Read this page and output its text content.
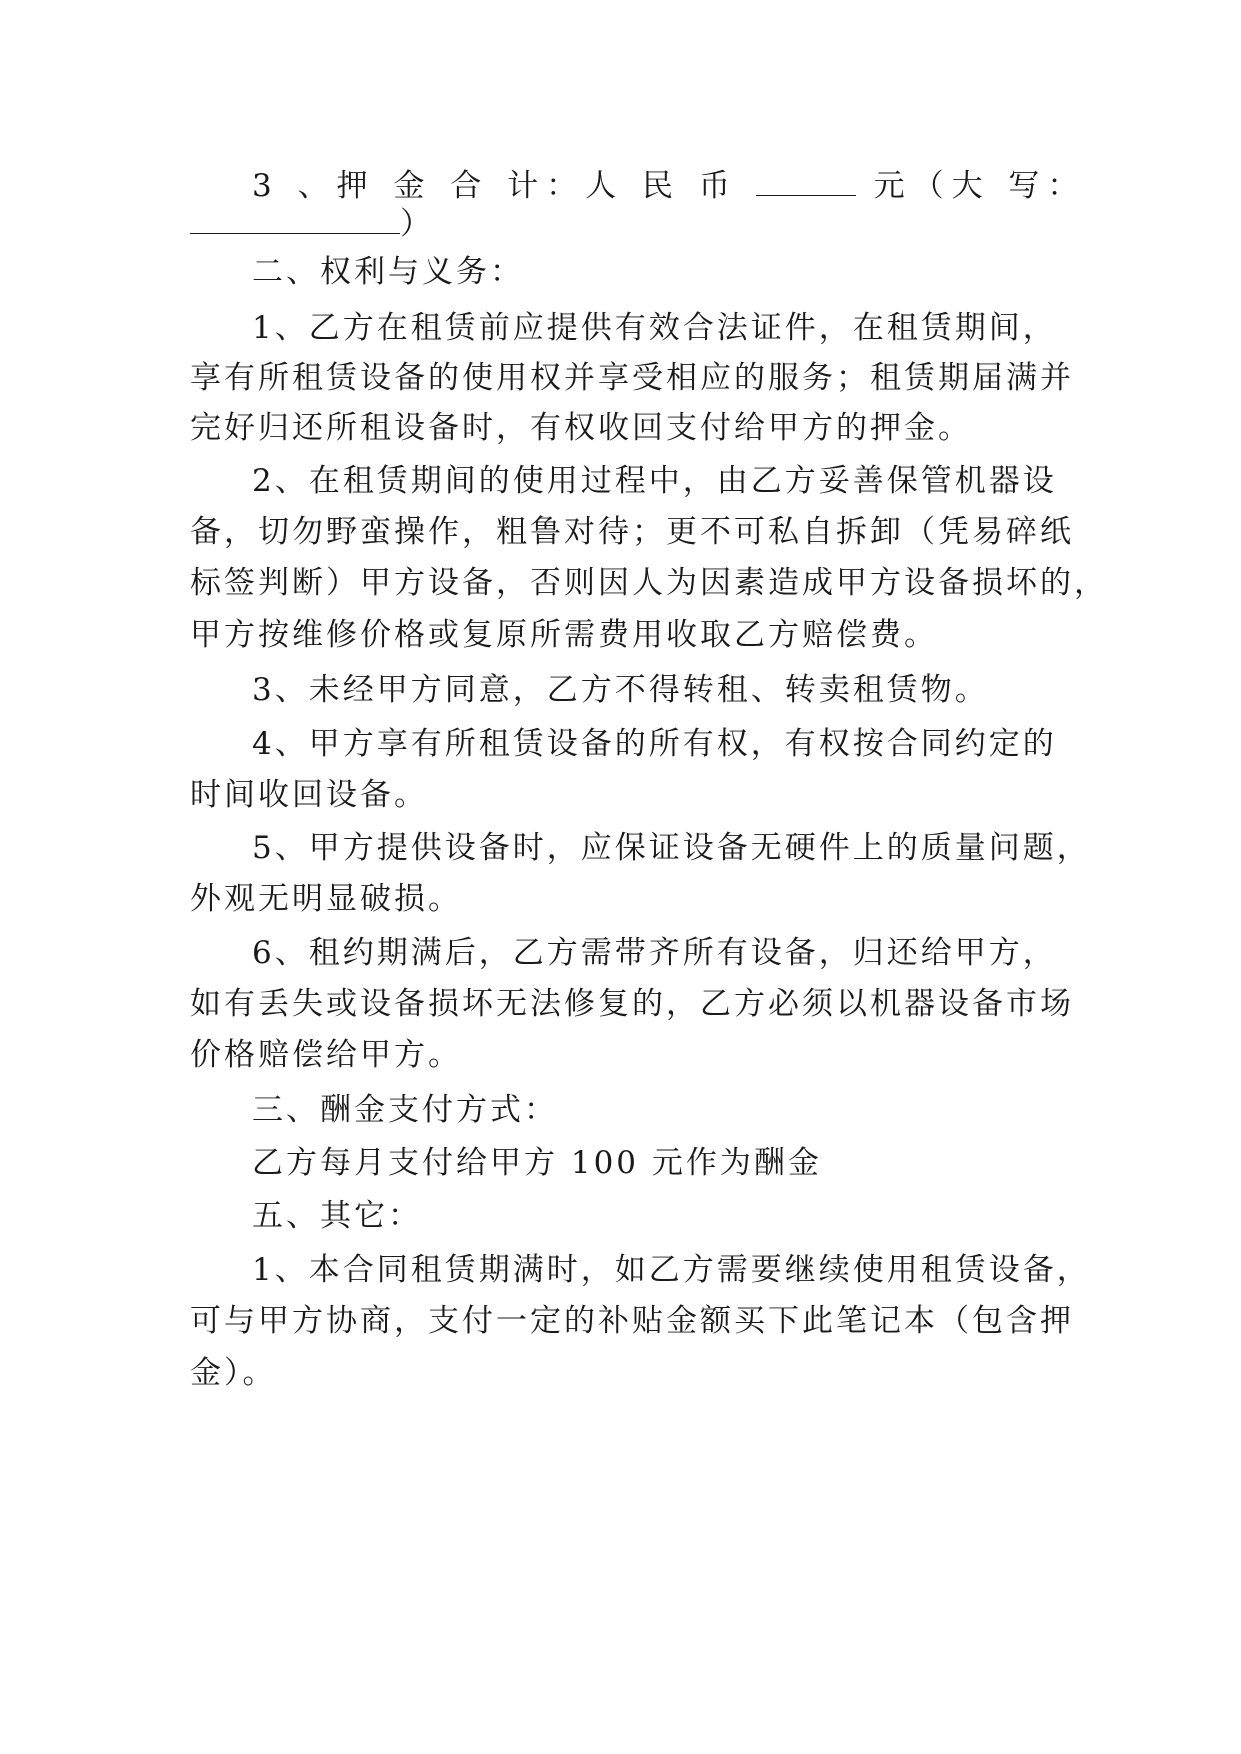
3 、押 金 合 计：人 民 币	元（大 写：
）
二、权利与义务：
1、乙方在租赁前应提供有效合法证件，在租赁期间，
享有所租赁设备的使用权并享受相应的服务；租赁期届满并
完好归还所租设备时，有权收回支付给甲方的押金。
2、在租赁期间的使用过程中，由乙方妥善保管机器设
备，切勿野蛮操作，粗鲁对待；更不可私自拆卸（凭易碎纸
标签判断）甲方设备，否则因人为因素造成甲方设备损坏的，
甲方按维修价格或复原所需费用收取乙方赔偿费。
3、未经甲方同意，乙方不得转租、转卖租赁物。
4、甲方享有所租赁设备的所有权，有权按合同约定的
时间收回设备。
5、甲方提供设备时，应保证设备无硬件上的质量问题，
外观无明显破损。
6、租约期满后，乙方需带齐所有设备，归还给甲方，
如有丢失或设备损坏无法修复的，乙方必须以机器设备市场
价格赔偿给甲方。
三、酬金支付方式：
乙方每月支付给甲方 100 元作为酬金
五、其它：
1、本合同租赁期满时，如乙方需要继续使用租赁设备，
可与甲方协商，支付一定的补贴金额买下此笔记本（包含押
金）。
